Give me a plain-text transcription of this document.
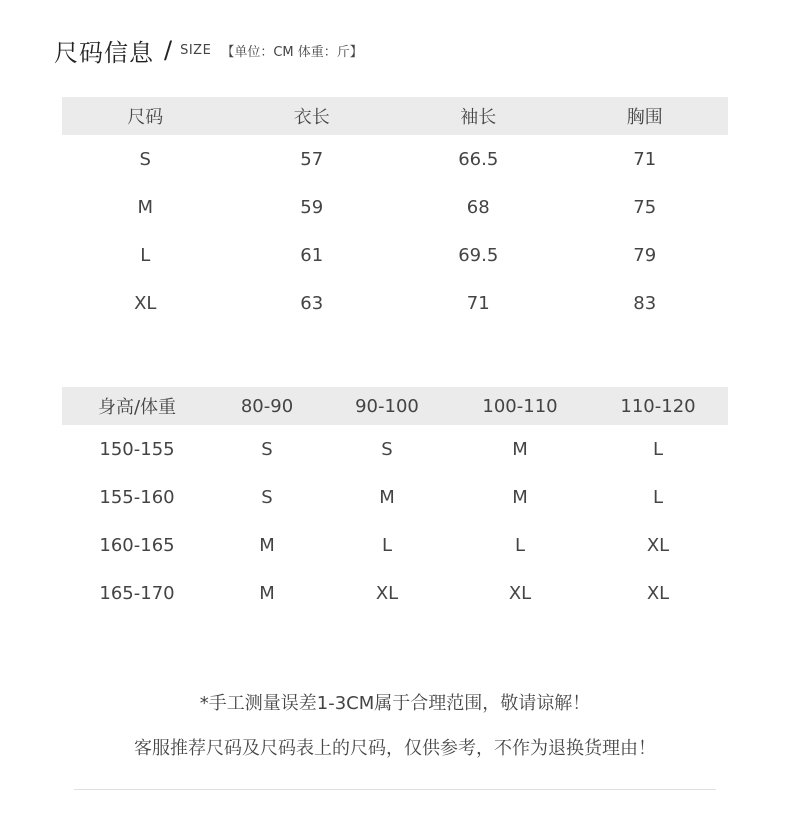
尺码信息 / SIZE 【单位：CM 体重：斤】
尺码	衣长	袖长	胸围
S	57	66.5	71
M	59	68	75
L	61	69.5	79
XL	63	71	83
身高/体重	80-90	90-100	100-110	110-120
150-155	S	S	M	L
155-160	S	M	M	L
160-165	M	L	L	XL
165-170	M	XL	XL	XL
*手工测量误差1-3CM属于合理范围，敬请谅解！
客服推荐尺码及尺码表上的尺码，仅供参考，不作为退换货理由！
